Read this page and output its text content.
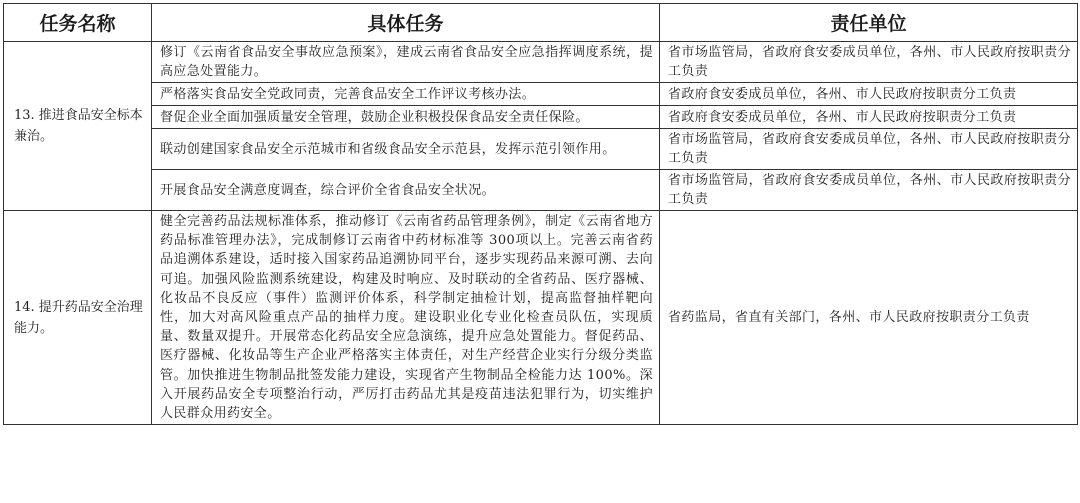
任务名称	具体任务	责任单位
13. 推进食品安全标本兼治。	修订《云南省食品安全事故应急预案》，建成云南省食品安全应急指挥调度系统，提高应急处置能力。	省市场监管局，省政府食安委成员单位，各州、市人民政府按职责分工负责
	严格落实食品安全党政同责，完善食品安全工作评议考核办法。	省政府食安委成员单位，各州、市人民政府按职责分工负责
	督促企业全面加强质量安全管理，鼓励企业积极投保食品安全责任保险。	省政府食安委成员单位，各州、市人民政府按职责分工负责
	联动创建国家食品安全示范城市和省级食品安全示范县，发挥示范引领作用。	省市场监管局，省政府食安委成员单位，各州、市人民政府按职责分工负责
	开展食品安全满意度调查，综合评价全省食品安全状况。	省市场监管局，省政府食安委成员单位，各州、市人民政府按职责分工负责
14. 提升药品安全治理能力。	健全完善药品法规标准体系，推动修订《云南省药品管理条例》，制定《云南省地方药品标准管理办法》，完成制修订云南省中药材标准等 300项以上。完善云南省药品追溯体系建设，适时接入国家药品追溯协同平台，逐步实现药品来源可溯、去向可追。加强风险监测系统建设，构建及时响应、及时联动的全省药品、医疗器械、化妆品不良反应（事件）监测评价体系，科学制定抽检计划，提高监督抽样靶向性，加大对高风险重点产品的抽样力度。建设职业化专业化检查员队伍，实现质量、数量双提升。开展常态化药品安全应急演练，提升应急处置能力。督促药品、医疗器械、化妆品等生产企业严格落实主体责任，对生产经营企业实行分级分类监管。加快推进生物制品批签发能力建设，实现省产生物制品全检能力达 100%。深入开展药品安全专项整治行动，严厉打击药品尤其是疫苗违法犯罪行为，切实维护人民群众用药安全。	省药监局，省直有关部门，各州、市人民政府按职责分工负责
